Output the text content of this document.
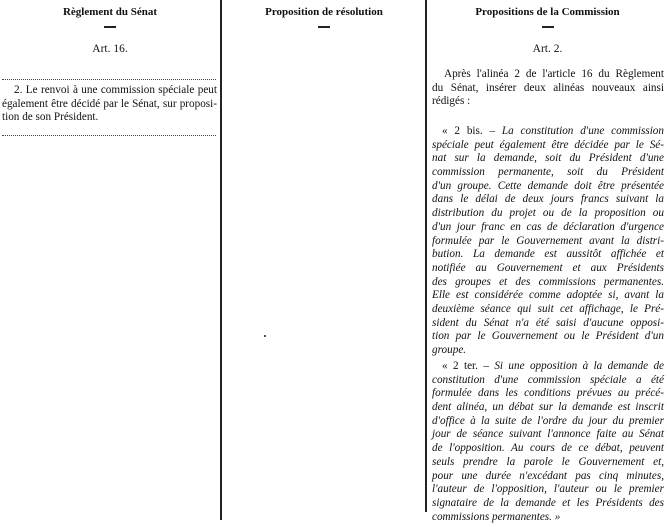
Règlement du Sénat
Art. 16.
2. Le renvoi à une commission spéciale peut
également être décidé par le Sénat, sur proposi-
tion de son Président.
Proposition de résolution	Propositions de la Commission
Art. 2.
Après l'alinéa 2 de l'article 16 du Règlement
du Sénat, insérer deux alinéas nouveaux ainsi
rédigés :
« 2 bis. – La constitution d'une commission
spéciale peut également être décidée par le Sé-
nat sur la demande, soit du Président d'une
commission permanente, soit du Président
d'un groupe. Cette demande doit être présentée
dans le délai de deux jours francs suivant la
distribution du projet ou de la proposition ou
d'un jour franc en cas de déclaration d'urgence
formulée par le Gouvernement avant la distri-
bution. La demande est aussitôt affichée et
notifiée au Gouvernement et aux Présidents
des groupes et des commissions permanentes.
Elle est considérée comme adoptée si, avant la
deuxième séance qui suit cet affichage, le Pré-
sident du Sénat n'a été saisi d'aucune opposi-
tion par le Gouvernement ou le Président d'un
groupe.
« 2 ter. – Si une opposition à la demande de
constitution d'une commission spéciale a été
formulée dans les conditions prévues au précé-
dent alinéa, un débat sur la demande est inscrit
d'office à la suite de l'ordre du jour du premier
jour de séance suivant l'annonce faite au Sénat
de l'opposition. Au cours de ce débat, peuvent
seuls prendre la parole le Gouvernement et,
pour une durée n'excédant pas cinq minutes,
l'auteur de l'opposition, l'auteur ou le premier
signataire de la demande et les Présidents des
commissions permanentes. »
